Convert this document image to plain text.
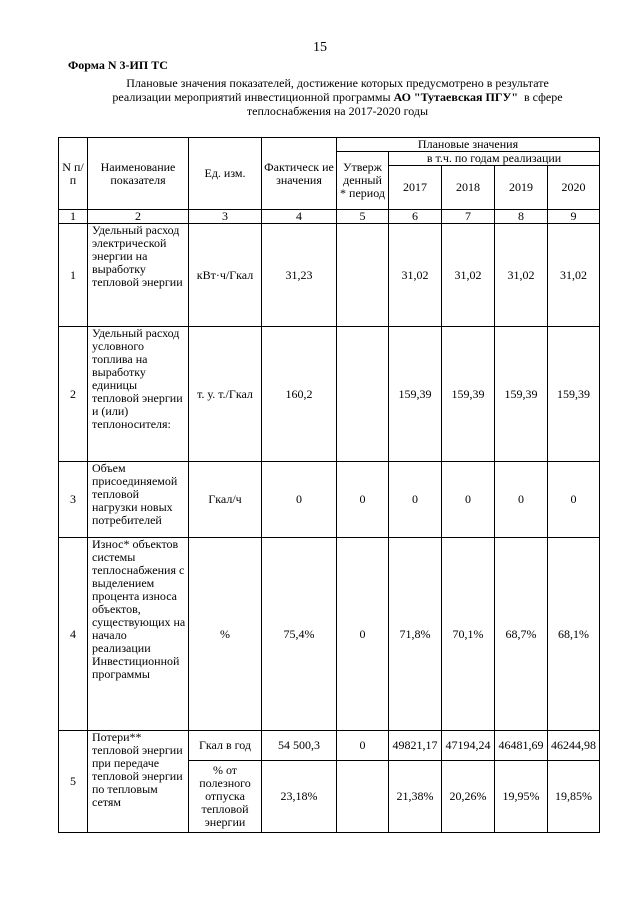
15
Форма N 3-ИП ТС
Плановые значения показателей, достижение которых предусмотрено в результате
реализации мероприятий инвестиционной программы АО "Тутаевская ПГУ" в сфере
теплоснабжения на 2017-2020 годы
N п/п	Наименование показателя	Ед. изм.	Фактическ ие значения	Плановые значения				
				Утверж денный * период	в т.ч. по годам реализации			
					2017	2018	2019	2020
1	2	3	4	5	6	7	8	9
1	Удельный расход электрической энергии на выработку тепловой энергии	кВт·ч/Гкал	31,23		31,02	31,02	31,02	31,02
2	Удельный расход условного топлива на выработку единицы тепловой энергии и (или) теплоносителя:	т. у. т./Гкал	160,2		159,39	159,39	159,39	159,39
3	Объем присоединяемой тепловой нагрузки новых потребителей	Гкал/ч	0	0	0	0	0	0
4	Износ* объектов системы теплоснабжения с выделением процента износа объектов, существующих на начало реализации Инвестиционной программы	%	75,4%	0	71,8%	70,1%	68,7%	68,1%
5	Потери** тепловой энергии при передаче тепловой энергии по тепловым сетям	Гкал в год	54 500,3	0	49821,17	47194,24	46481,69	46244,98
		% от полезного отпуска тепловой энергии	23,18%		21,38%	20,26%	19,95%	19,85%
